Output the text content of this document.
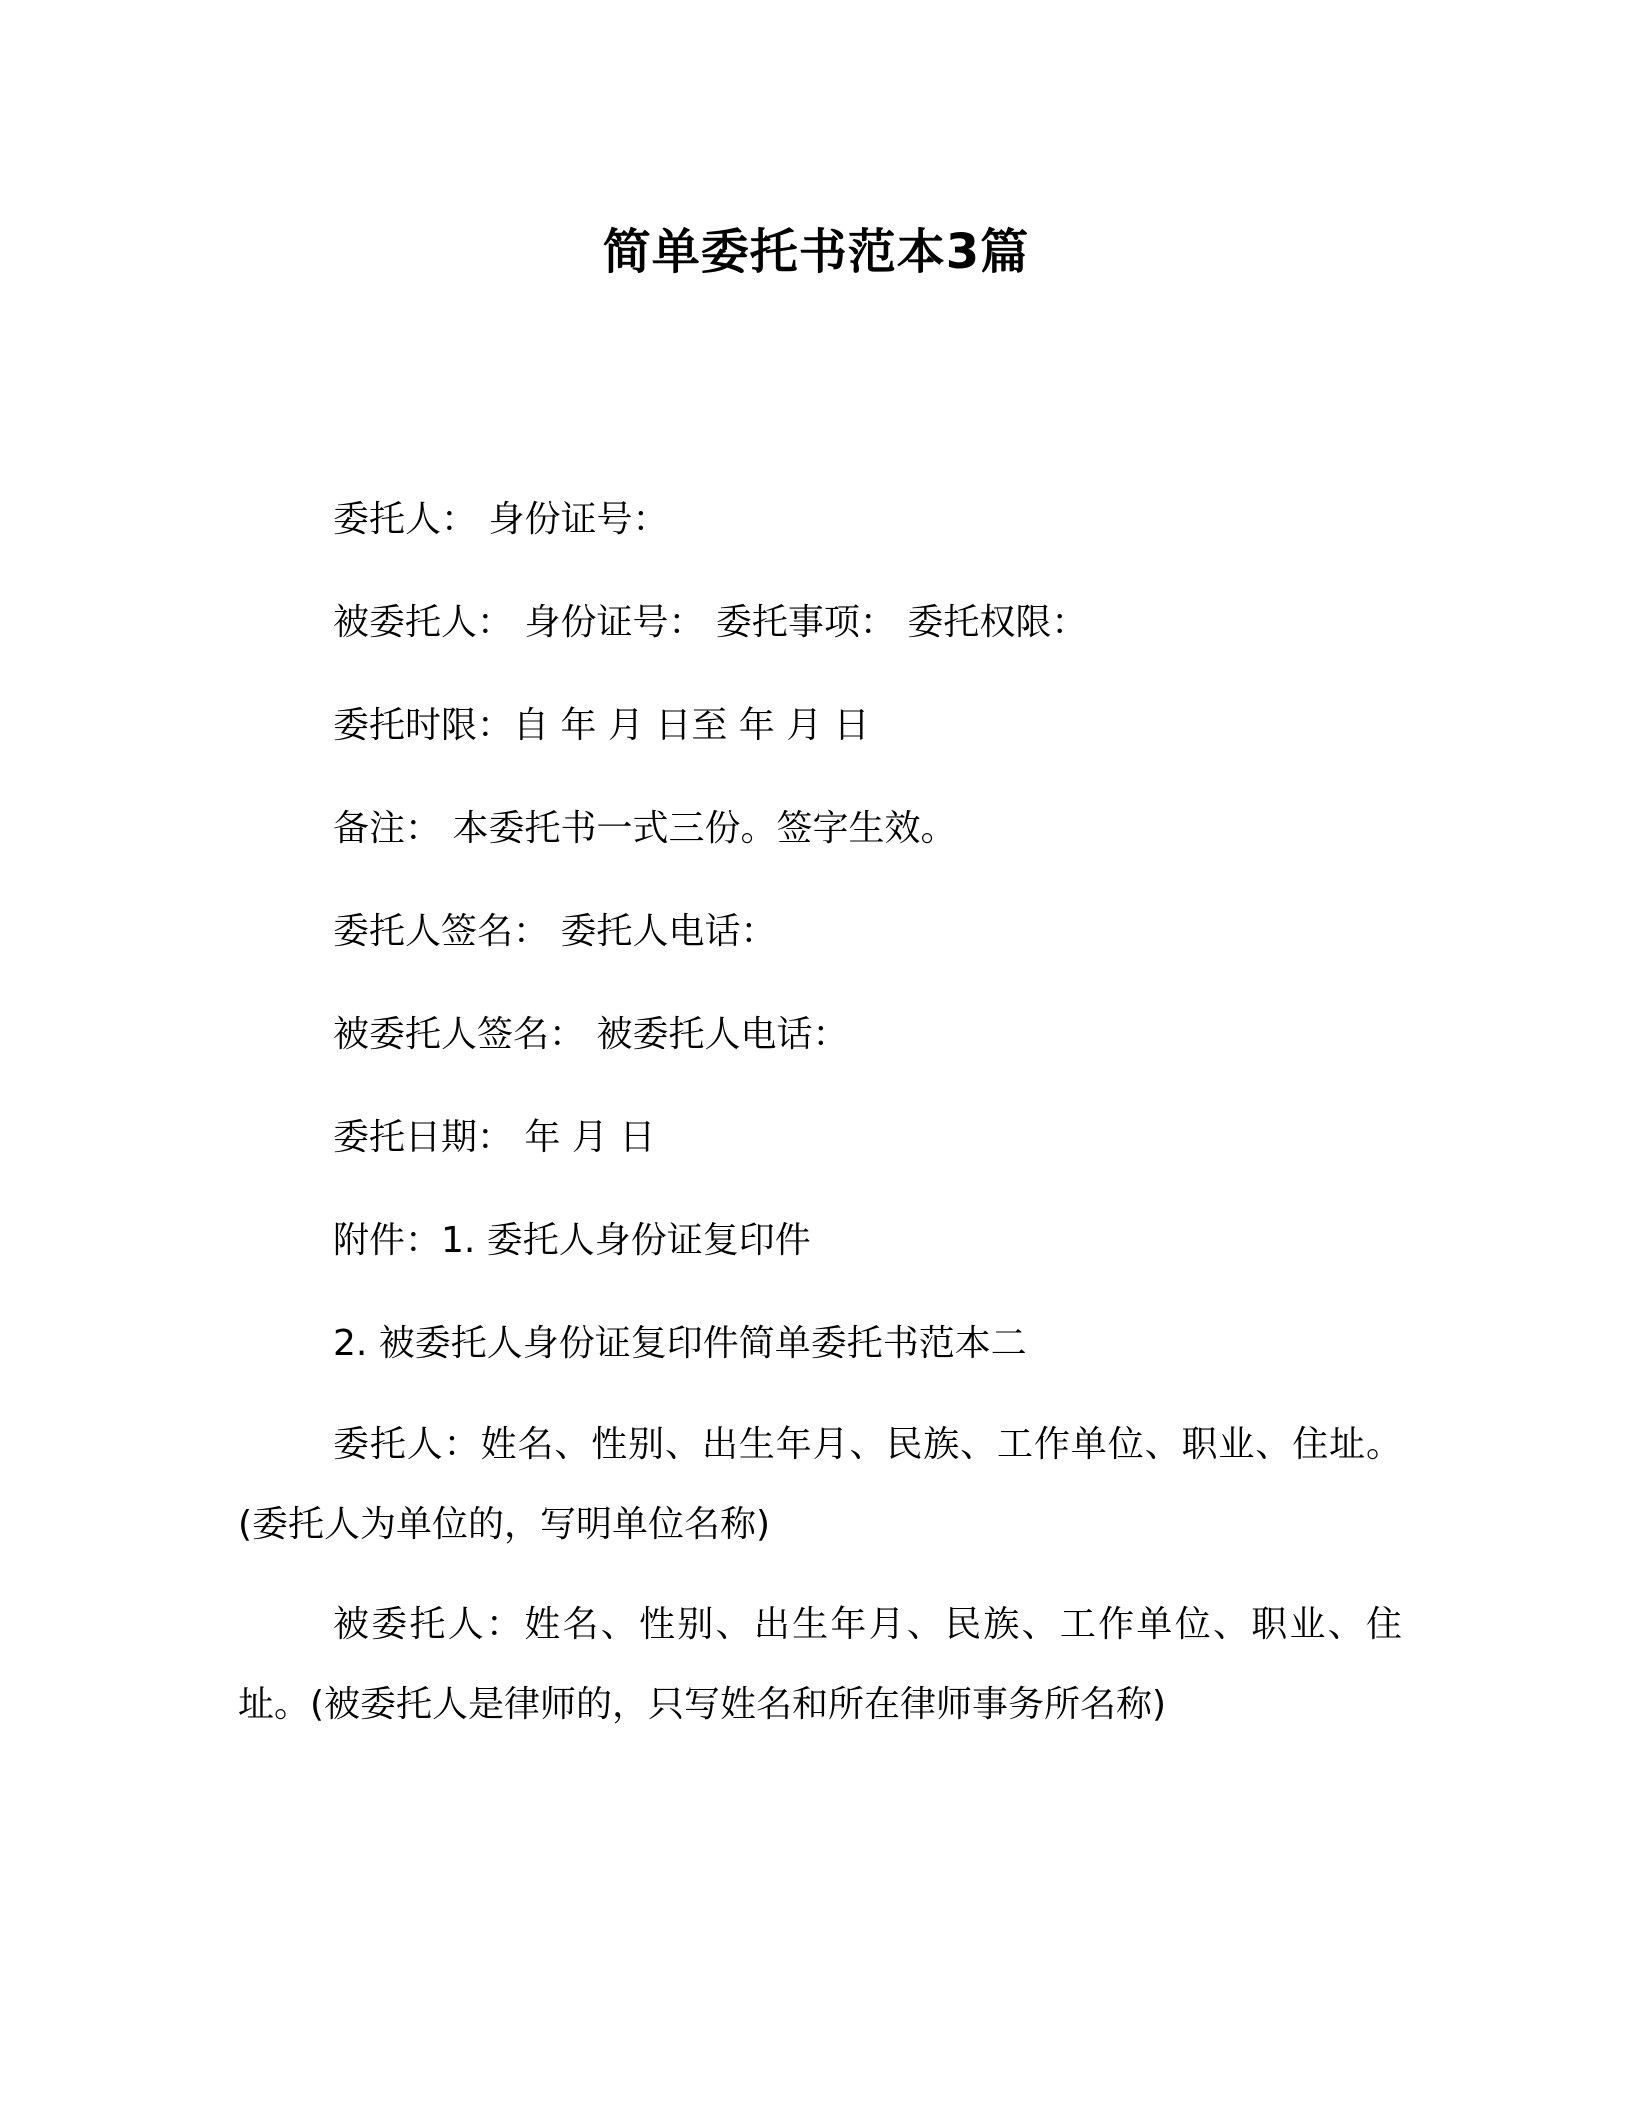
简单委托书范本3篇
委托人： 身份证号：
被委托人： 身份证号： 委托事项： 委托权限：
委托时限：自 年 月 日至 年 月 日
备注： 本委托书一式三份。签字生效。
委托人签名： 委托人电话：
被委托人签名： 被委托人电话：
委托日期： 年 月 日
附件：1. 委托人身份证复印件
2. 被委托人身份证复印件简单委托书范本二
委托人：姓名、性别、出生年月、民族、工作单位、职业、住址。(委托人为单位的，写明单位名称)
被委托人：姓名、性别、出生年月、民族、工作单位、职业、住址。(被委托人是律师的，只写姓名和所在律师事务所名称)
